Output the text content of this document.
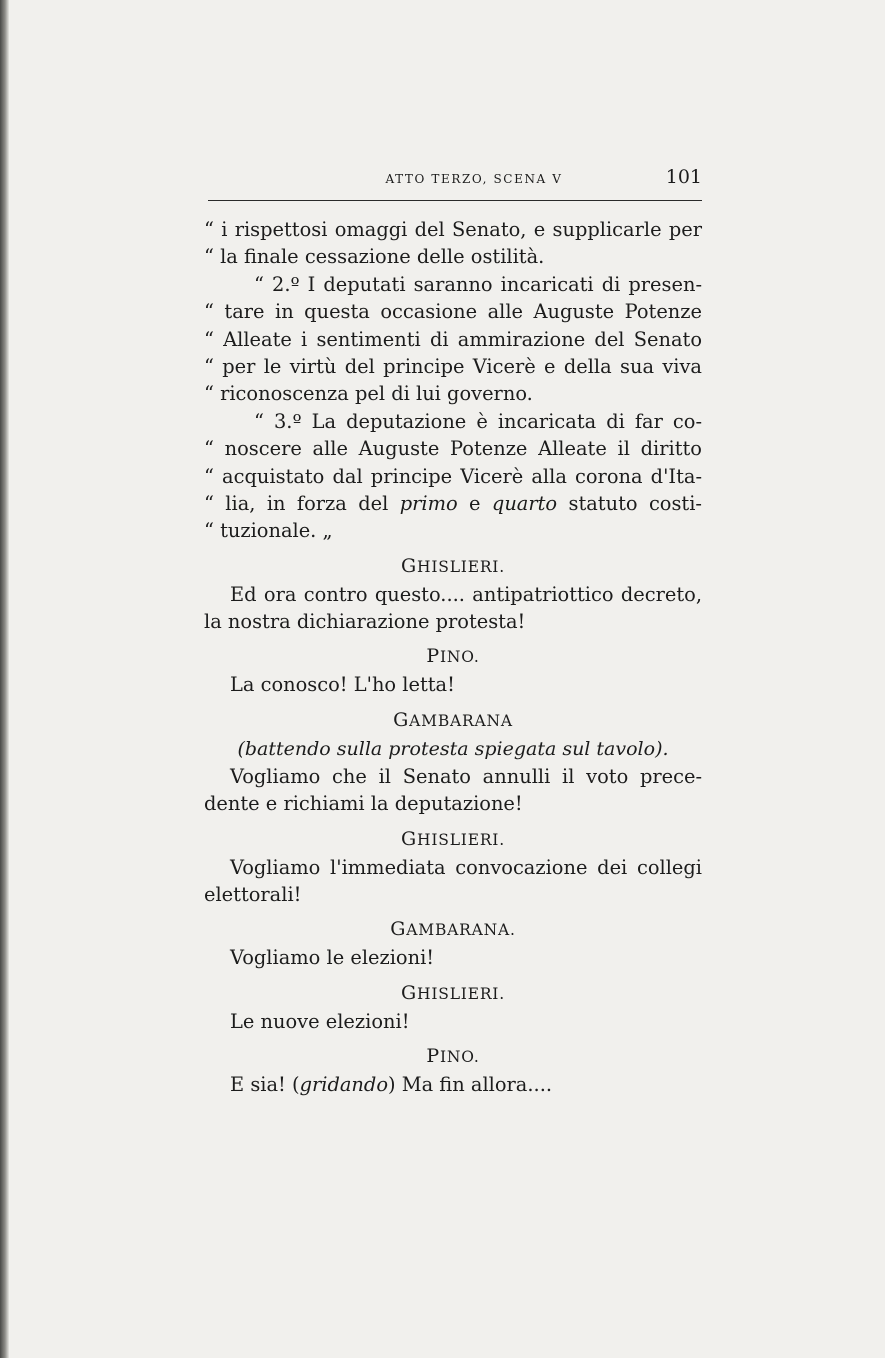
ATTO TERZO, SCENA V	101
“ i rispettosi omaggi del Senato, e supplicarle per
“ la finale cessazione delle ostilità.
“ 2.º I deputati saranno incaricati di presen-
“ tare in questa occasione alle Auguste Potenze
“ Alleate i sentimenti di ammirazione del Senato
“ per le virtù del principe Vicerè e della sua viva
“ riconoscenza pel di lui governo.
“ 3.º La deputazione è incaricata di far co-
“ noscere alle Auguste Potenze Alleate il diritto
“ acquistato dal principe Vicerè alla corona d'Ita-
“ lia, in forza del primo e quarto statuto costi-
“ tuzionale. „
GHISLIERI.
Ed ora contro questo.... antipatriottico decreto,
la nostra dichiarazione protesta!
PINO.
La conosco! L'ho letta!
GAMBARANA
(battendo sulla protesta spiegata sul tavolo).
Vogliamo che il Senato annulli il voto prece-
dente e richiami la deputazione!
GHISLIERI.
Vogliamo l'immediata convocazione dei collegi
elettorali!
GAMBARANA.
Vogliamo le elezioni!
GHISLIERI.
Le nuove elezioni!
PINO.
E sia! (gridando) Ma fin allora....
